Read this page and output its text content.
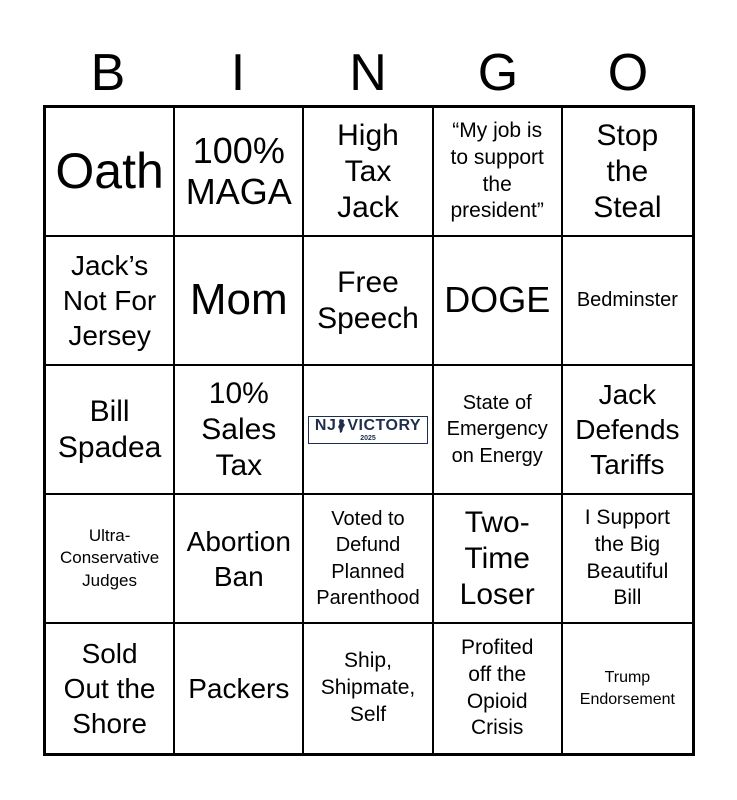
B	I	N	G	O
Oath 100%
MAGA
High
Tax
Jack
“My job is
to support
the
president”
Stop
the
Steal
Jack’s
Not For
Jersey
Mom	Free
Speech DOGE Bedminster
Bill
Spadea
10%
Sales
Tax
NJ VICTORY
2025
State of
Emergency
on Energy
Jack
Defends
Tariffs
Ultra-
Conservative
Judges
Abortion
Ban
Voted to
Defund
Planned
Parenthood
Two-
Time
Loser
I Support
the Big
Beautiful
Bill
Sold
Out the
Shore
Packers
Ship,
Shipmate,
Self
Profited
off the
Opioid
Crisis
Trump
Endorsement
